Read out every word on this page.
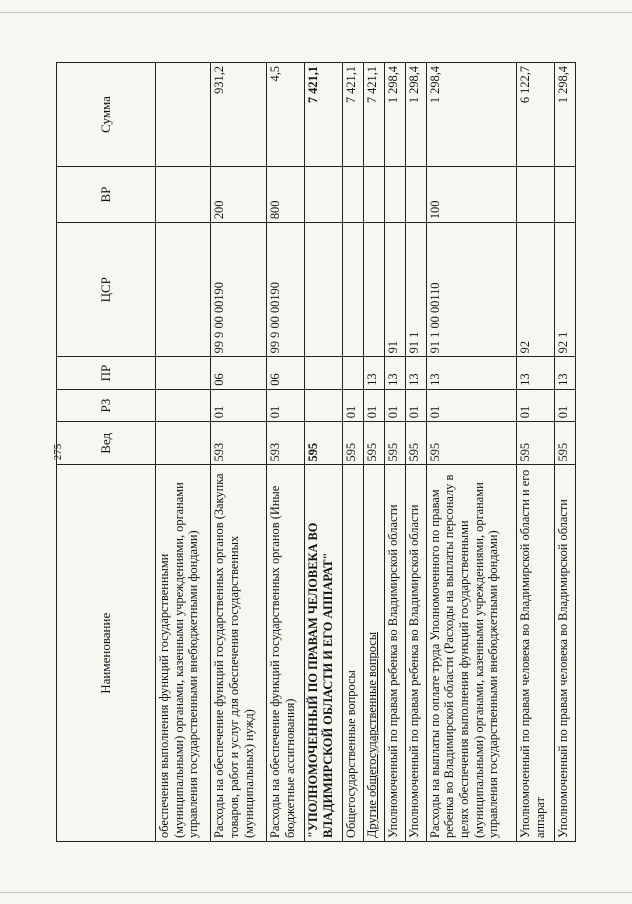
275
Наименование	Вед	РЗ	ПР	ЦСР	ВР	Сумма
обеспечения выполнения функций государственными (муниципальными) органами, казенными учреждениями, органами управления государственными внебюджетными фондами)						
Расходы на обеспечение функций государственных органов (Закупка товаров, работ и услуг для обеспечения государственных (муниципальных) нужд)	593	01	06	99 9 00 00190	200	931,2
Расходы на обеспечение функций государственных органов (Иные бюджетные ассигнования)	593	01	06	99 9 00 00190	800	4,5
"УПОЛНОМОЧЕННЫЙ ПО ПРАВАМ ЧЕЛОВЕКА ВО ВЛАДИМИРСКОЙ ОБЛАСТИ И ЕГО АППАРАТ"	595					7 421,1
Общегосударственные вопросы	595	01				7 421,1
Другие общегосударственные вопросы	595	01	13			7 421,1
Уполномоченный по правам ребенка во Владимирской области	595	01	13	91		1 298,4
Уполномоченный по правам ребенка во Владимирской области	595	01	13	91 1		1 298,4
Расходы на выплаты по оплате труда Уполномоченного по правам ребенка во Владимирской области (Расходы на выплаты персоналу в целях обеспечения выполнения функций государственными (муниципальными) органами, казенными учреждениями, органами управления государственными внебюджетными фондами)	595	01	13	91 1 00 00110	100	1 298,4
Уполномоченный по правам человека во Владимирской области и его аппарат	595	01	13	92		6 122,7
Уполномоченный по правам человека во Владимирской области	595	01	13	92 1		1 298,4
